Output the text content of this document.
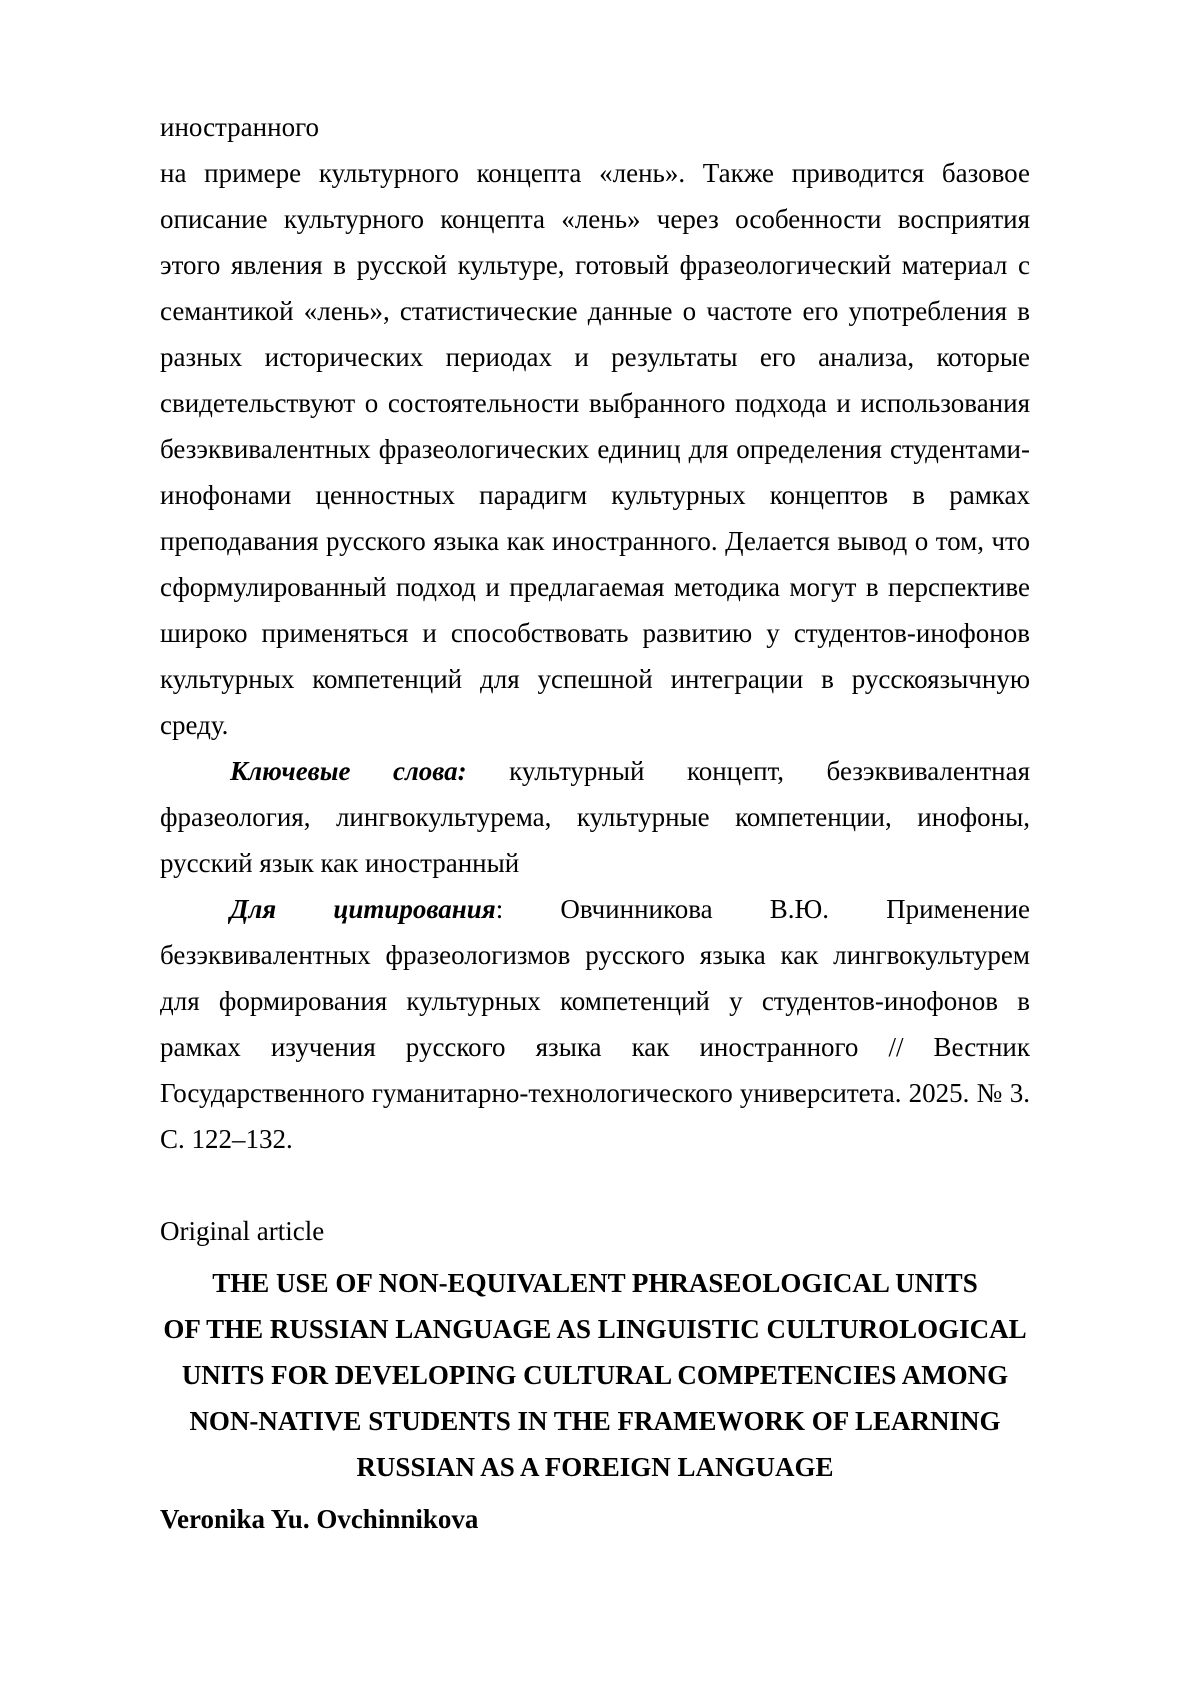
иностранного

на примере культурного концепта «лень». Также приводится базовое описание культурного концепта «лень» через особенности восприятия этого явления в русской культуре, готовый фразеологический материал с семантикой «лень», статистические данные о частоте его употребления в разных исторических периодах и результаты его анализа, которые свидетельствуют о состоятельности выбранного подхода и использования безэквивалентных фразеологических единиц для определения студентами-инофонами ценностных парадигм культурных концептов в рамках преподавания русского языка как иностранного. Делается вывод о том, что сформулированный подход и предлагаемая методика могут в перспективе широко применяться и способствовать развитию у студентов-инофонов культурных компетенций для успешной интеграции в русскоязычную среду.

Ключевые слова: культурный концепт, безэквивалентная фразеология, лингвокультурема, культурные компетенции, инофоны, русский язык как иностранный

Для цитирования: Овчинникова В.Ю. Применение безэквивалентных фразеологизмов русского языка как лингвокультурем для формирования культурных компетенций у студентов-инофонов в рамках изучения русского языка как иностранного // Вестник Государственного гуманитарно-технологического университета. 2025. № 3. С. 122–132.

Original article

THE USE OF NON-EQUIVALENT PHRASEOLOGICAL UNITS
OF THE RUSSIAN LANGUAGE AS LINGUISTIC CULTUROLOGICAL
UNITS FOR DEVELOPING CULTURAL COMPETENCIES AMONG
NON-NATIVE STUDENTS IN THE FRAMEWORK OF LEARNING
RUSSIAN AS A FOREIGN LANGUAGE

Veronika Yu. Ovchinnikova
